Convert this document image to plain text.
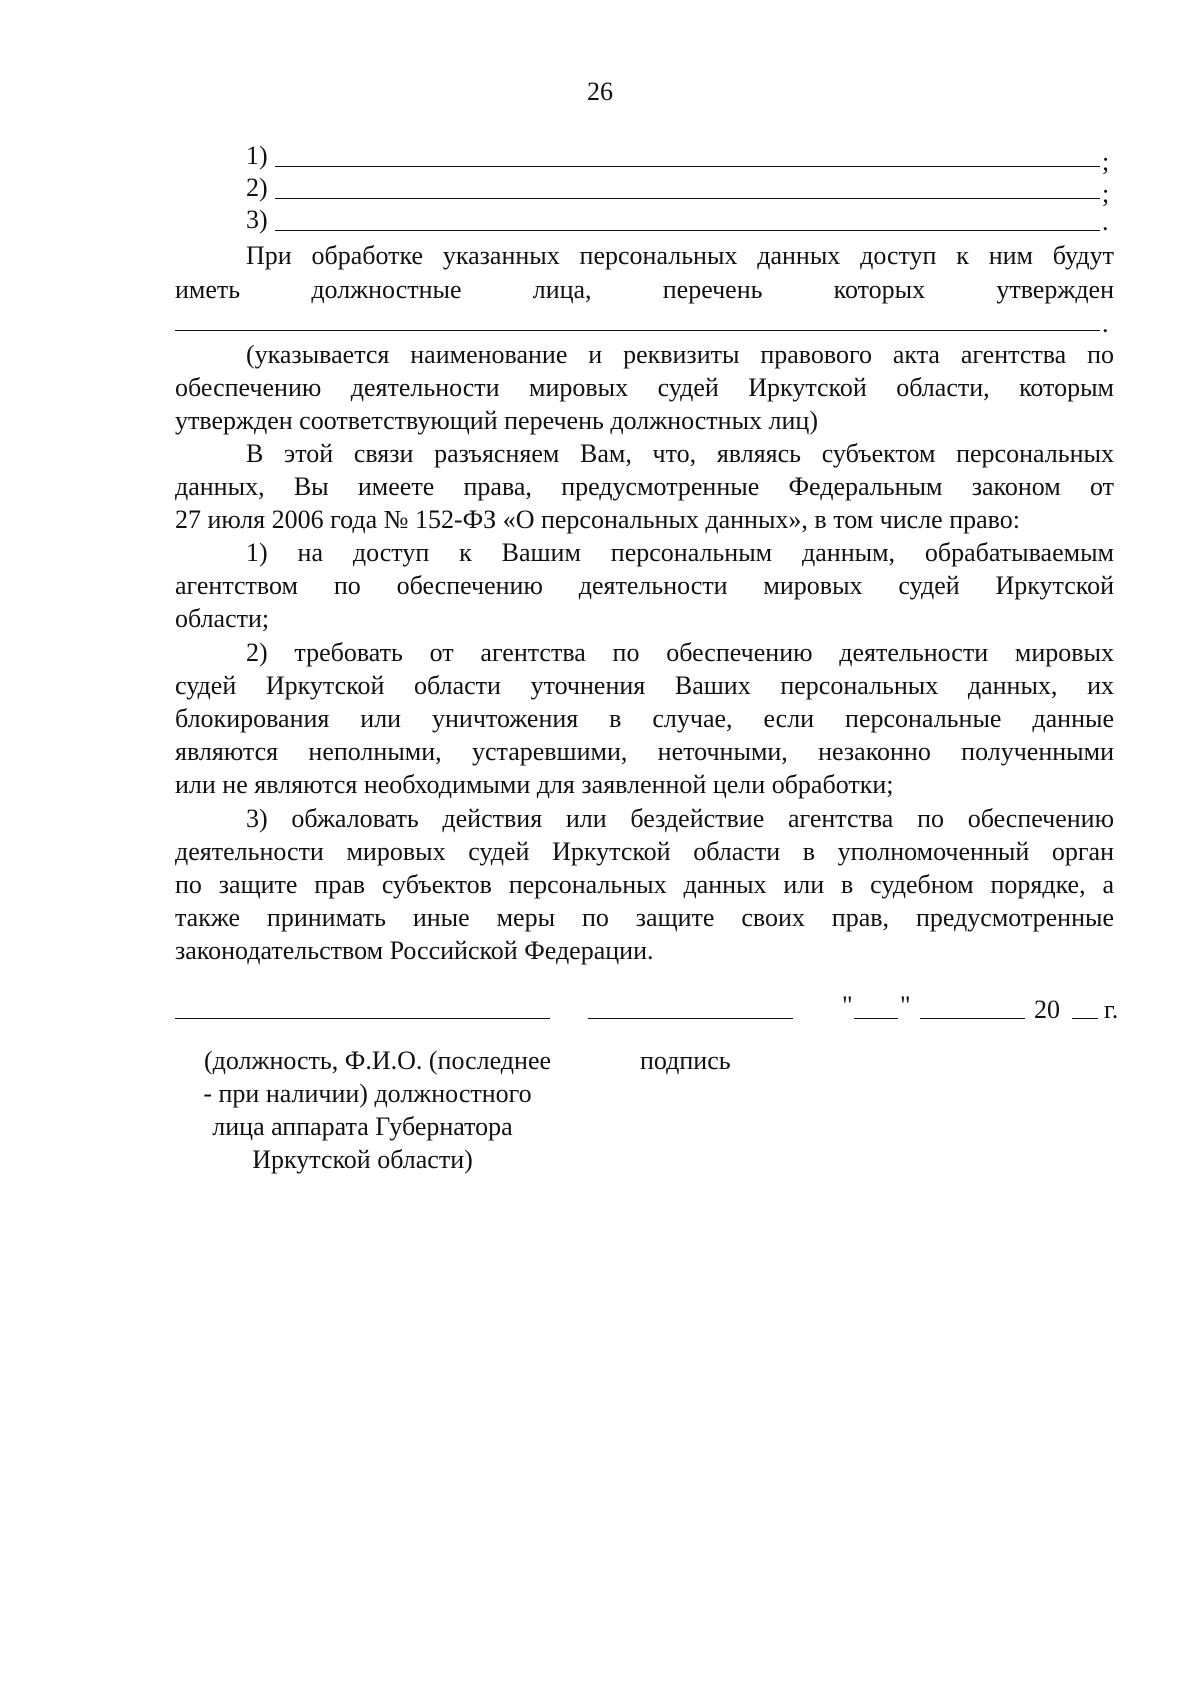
26
1)	;
2)	;
3)	.
При обработке указанных персональных данных доступ к ним будут
иметь должностные лица, перечень которых утвержден
.
(указывается наименование и реквизиты правового акта агентства по
обеспечению деятельности мировых судей Иркутской области, которым
утвержден соответствующий перечень должностных лиц)
В этой связи разъясняем Вам, что, являясь субъектом персональных
данных, Вы имеете права, предусмотренные Федеральным законом от
27 июля 2006 года № 152-ФЗ «О персональных данных», в том числе право:
1) на доступ к Вашим персональным данным, обрабатываемым
агентством по обеспечению деятельности мировых судей Иркутской
области;
2) требовать от агентства по обеспечению деятельности мировых
судей Иркутской области уточнения Ваших персональных данных, их
блокирования или уничтожения в случае, если персональные данные
являются неполными, устаревшими, неточными, незаконно полученными
или не являются необходимыми для заявленной цели обработки;
3) обжаловать действия или бездействие агентства по обеспечению
деятельности мировых судей Иркутской области в уполномоченный орган
по защите прав субъектов персональных данных или в судебном порядке, а
также принимать иные меры по защите своих прав, предусмотренные
законодательством Российской Федерации.
" "	20 г.
(должность, Ф.И.О. (последнее
- при наличии) должностного
лица аппарата Губернатора
Иркутской области)
подпись
